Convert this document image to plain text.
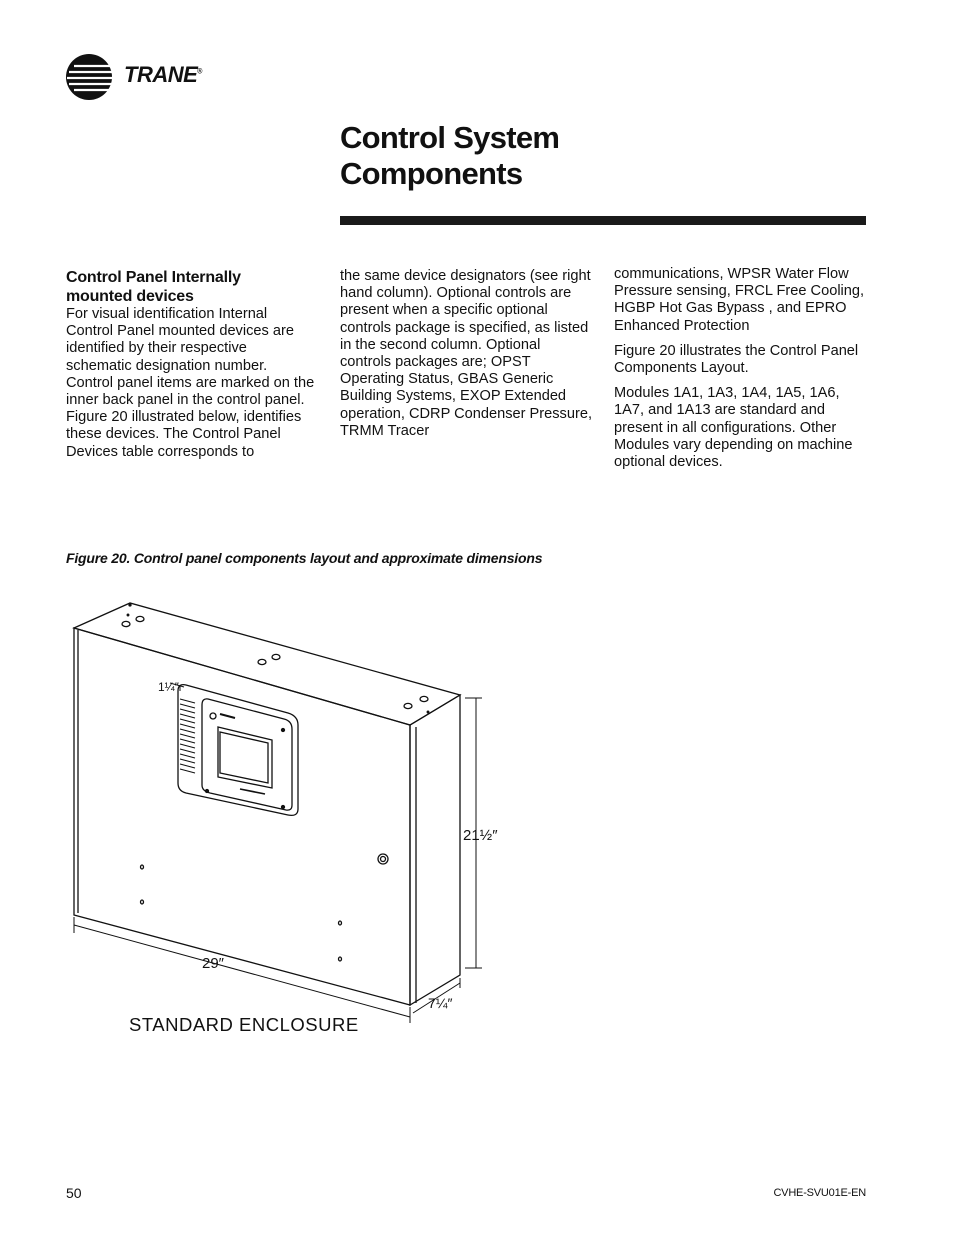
TRANE®
Control System
Components
Control Panel Internally
mounted devices

For visual identification Internal Control Panel mounted devices are identified by their respective schematic designation number. Control panel items are marked on the inner back panel in the control panel. Figure 20 illustrated below, identifies these devices. The Control Panel Devices table corresponds to

the same device designators (see right hand column). Optional controls are present when a specific optional controls package is specified, as listed in the second column. Optional controls packages are; OPST Operating Status, GBAS Generic Building Systems, EXOP Extended operation, CDRP Condenser Pressure, TRMM Tracer

communications, WPSR Water Flow Pressure sensing, FRCL Free Cooling, HGBP Hot Gas Bypass , and EPRO Enhanced Protection

Figure 20 illustrates the Control Panel Components Layout.

Modules 1A1, 1A3, 1A4, 1A5, 1A6, 1A7, and 1A13 are standard and present in all configurations. Other Modules vary depending on machine optional devices.

Figure 20. Control panel components layout and approximate dimensions
1¼″
21½″
29″
7¼″
STANDARD ENCLOSURE
50	CVHE-SVU01E-EN
